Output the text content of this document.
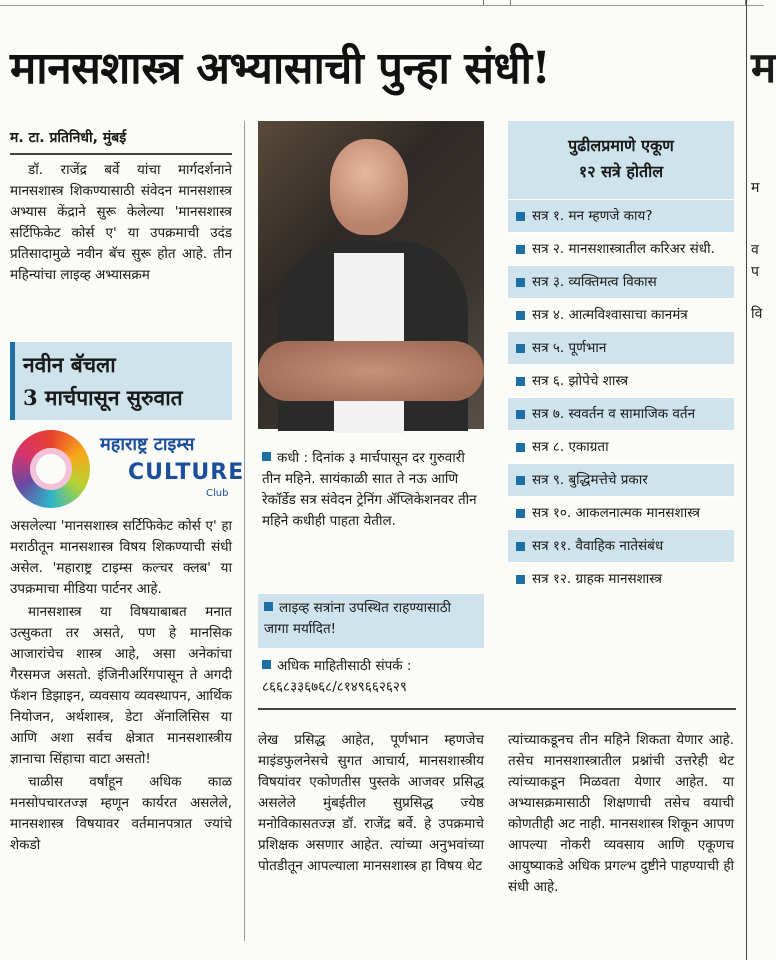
मानसशास्त्र अभ्यासाची पुन्हा संधी!	म
म
व
प
वि
म. टा. प्रतिनिधी, मुंबई

डॉ. राजेंद्र बर्वे यांचा मार्गदर्शनाने मानसशास्त्र शिकण्यासाठी संवेदन मानसशास्त्र अभ्यास केंद्राने सुरू केलेल्या 'मानसशास्त्र सर्टिफिकेट कोर्स ए' या उपक्रमाची उदंड प्रतिसादामुळे नवीन बॅच सुरू होत आहे. तीन महिन्यांचा लाइव्ह अभ्यासक्रम

नवीन बॅचला
3 मार्चपासून सुरुवात
महाराष्ट्र टाइम्स
CULTURE
Club

असलेल्या 'मानसशास्त्र सर्टिफिकेट कोर्स ए' हा मराठीतून मानसशास्त्र विषय शिकण्याची संधी असेल. 'महाराष्ट्र टाइम्स कल्चर क्लब' या उपक्रमाचा मीडिया पार्टनर आहे.

मानसशास्त्र या विषयाबाबत मनात उत्सुकता तर असते, पण हे मानसिक आजारांचेच शास्त्र आहे, असा अनेकांचा गैरसमज असतो. इंजिनीअरिंगपासून ते अगदी फॅशन डिझाइन, व्यवसाय व्यवस्थापन, आर्थिक नियोजन, अर्थशास्त्र, डेटा ॲनालिसिस या आणि अशा सर्वच क्षेत्रात मानसशास्त्रीय ज्ञानाचा सिंहाचा वाटा असतो!

चाळीस वर्षांहून अधिक काळ मनसोपचारतज्ज्ञ म्हणून कार्यरत असलेले, मानसशास्त्र विषयावर वर्तमानपत्रात ज्यांचे शेकडो

कधी : दिनांक ३ मार्चपासून दर गुरुवारी तीन महिने. सायंकाळी सात ते नऊ आणि रेकॉर्डेड सत्र संवेदन ट्रेनिंग ॲप्लिकेशनवर तीन महिने कधीही पाहता येतील.
लाइव्ह सत्रांना उपस्थित राहण्यासाठी जागा मर्यादित!
अधिक माहितीसाठी संपर्क :
८६६८३३६७६८/८१४९६६२६२९
लेख प्रसिद्ध आहेत, पूर्णभान म्हणजेच माइंडफुलनेसचे सुगत आचार्य, मानसशास्त्रीय विषयांवर एकोणतीस पुस्तके आजवर प्रसिद्ध असलेले मुंबईतील सुप्रसिद्ध ज्येष्ठ मनोविकासतज्ज्ञ डॉ. राजेंद्र बर्वे. हे उपक्रमाचे प्रशिक्षक असणार आहेत. त्यांच्या अनुभवांच्या पोतडीतून आपल्याला मानसशास्त्र हा विषय थेट
त्यांच्याकडूनच तीन महिने शिकता येणार आहे. तसेच मानसशास्त्रातील प्रश्नांची उत्तरेही थेट त्यांच्याकडून मिळवता येणार आहेत. या अभ्यासक्रमासाठी शिक्षणाची तसेच वयाची कोणतीही अट नाही. मानसशास्त्र शिकून आपण आपल्या नोकरी व्यवसाय आणि एकूणच आयुष्याकडे अधिक प्रगल्भ दुष्टीने पाहण्याची ही संधी आहे.
पुढीलप्रमाणे एकूण
१२ सत्रे होतील
सत्र १. मन म्हणजे काय?
सत्र २. मानसशास्त्रातील करिअर संधी.
सत्र ३. व्यक्तिमत्व विकास
सत्र ४. आत्मविश्वासाचा कानमंत्र
सत्र ५. पूर्णभान
सत्र ६. झोपेचे शास्त्र
सत्र ७. स्ववर्तन व सामाजिक वर्तन
सत्र ८. एकाग्रता
सत्र ९. बुद्धिमत्तेचे प्रकार
सत्र १०. आकलनात्मक मानसशास्त्र
सत्र ११. वैवाहिक नातेसंबंध
सत्र १२. ग्राहक मानसशास्त्र
